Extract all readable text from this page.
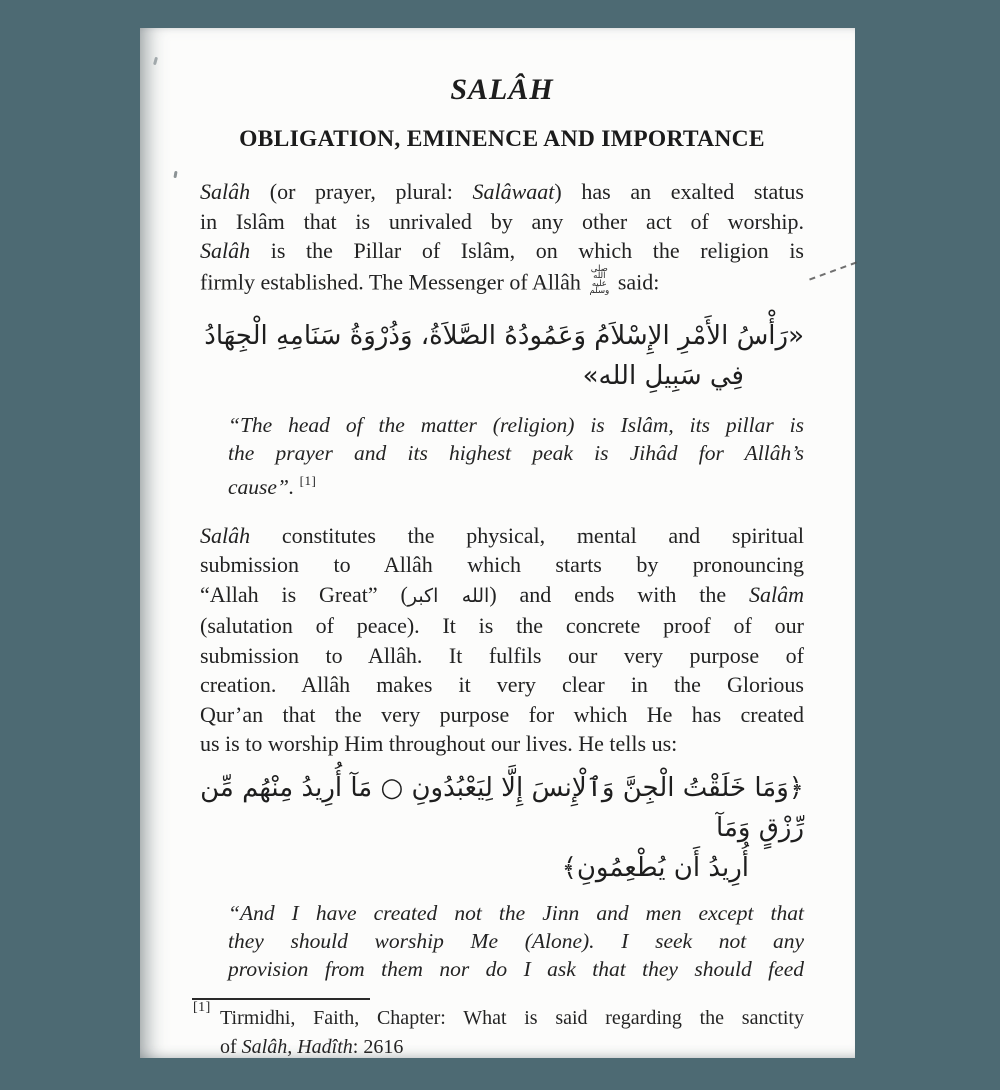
SALÂH
OBLIGATION, EMINENCE AND IMPORTANCE
Salâh (or prayer, plural: Salâwaat) has an exalted status
in Islâm that is unrivaled by any other act of worship.
Salâh is the Pillar of Islâm, on which the religion is
firmly established. The Messenger of Allâh صلى الله عليه وسلم said:
«رَأْسُ الأَمْرِ الإِسْلاَمُ وَعَمُودُهُ الصَّلاَةُ، وَذُرْوَةُ سَنَامِهِ الْجِهَادُ
فِي سَبِيلِ الله»
“The head of the matter (religion) is Islâm, its pillar is
the prayer and its highest peak is Jihâd for Allâh’s
cause”. [1]
Salâh constitutes the physical, mental and spiritual
submission to Allâh which starts by pronouncing
“Allah is Great” (الله اكبر) and ends with the Salâm
(salutation of peace). It is the concrete proof of our
submission to Allâh. It fulfils our very purpose of
creation. Allâh makes it very clear in the Glorious
Qur’an that the very purpose for which He has created
us is to worship Him throughout our lives. He tells us:
﴿وَمَا خَلَقْتُ الْجِنَّ وَٱلْإِنسَ إِلَّا لِيَعْبُدُونِ ○ مَآ أُرِيدُ مِنْهُم مِّن رِّزْقٍ وَمَآ
أُرِيدُ أَن يُطْعِمُونِ﴾
“And I have created not the Jinn and men except that
they should worship Me (Alone). I seek not any
provision from them nor do I ask that they should feed
[1] Tirmidhi, Faith, Chapter: What is said regarding the sanctity
of Salâh, Hadîth: 2616
